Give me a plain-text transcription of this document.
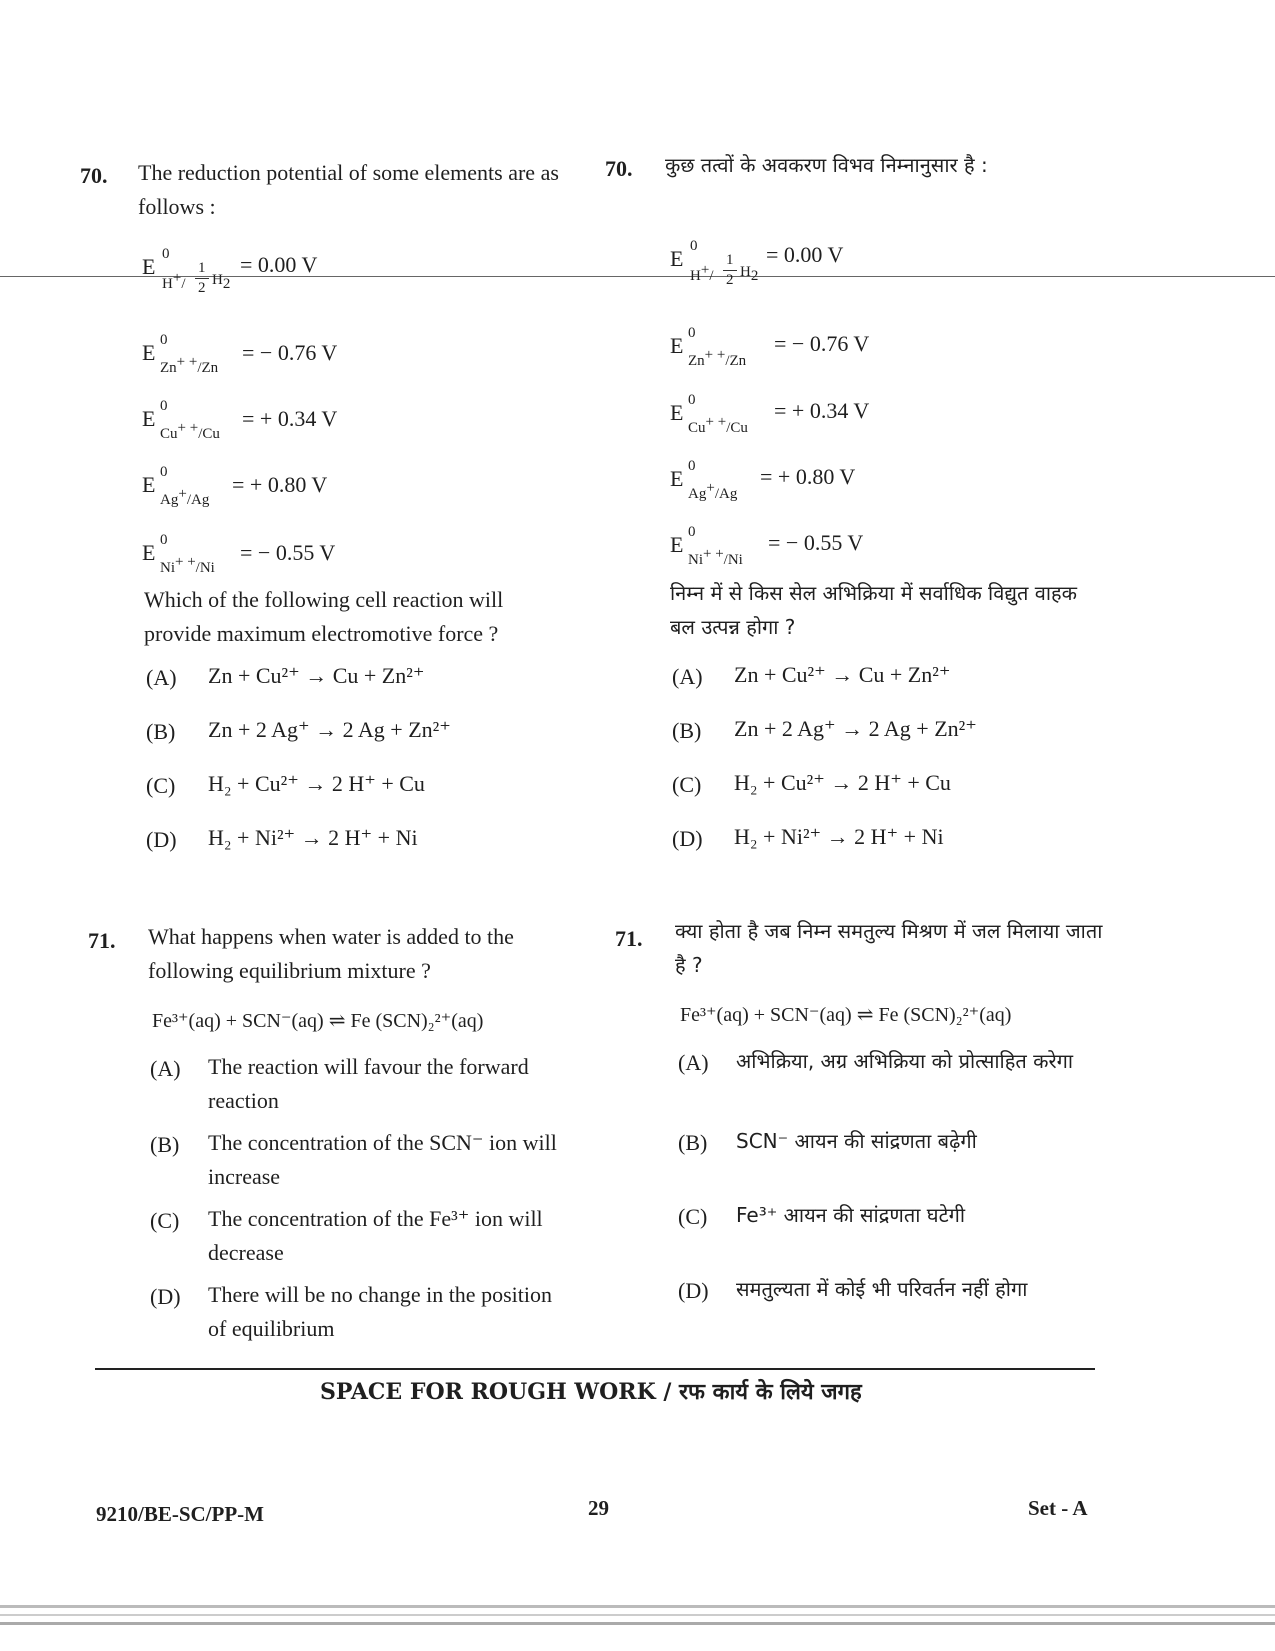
70. The reduction potential of some elements are as follows :
E 0
H+/
1
2 $H_2$
= 0.00 V
E 0
Zn+ +/Zn
= − 0.76 V
E 0
Cu+ +/Cu
= + 0.34 V
E 0
Ag+/Ag
= + 0.80 V
E 0
Ni+ +/Ni
= − 0.55 V
Which of the following cell reaction will provide maximum electromotive force ?
(A) Zn + Cu²⁺ → Cu + Zn²⁺
(B) Zn + 2 Ag⁺ → 2 Ag + Zn²⁺
(C) H₂ + Cu²⁺ → 2 H⁺ + Cu
(D) H₂ + Ni²⁺ → 2 H⁺ + Ni
71. What happens when water is added to the following equilibrium mixture ?
Fe³⁺(aq) + SCN⁻(aq) ⇌ Fe (SCN)₂²⁺(aq)
(A) The reaction will favour the forward reaction
(B) The concentration of the SCN⁻ ion will increase
(C) The concentration of the Fe³⁺ ion will decrease
(D) There will be no change in the position of equilibrium
70. कुछ तत्वों के अवकरण विभव निम्नानुसार है :
E 0
H+/
1
2 $H_2$
= 0.00 V
E 0
Zn+ +/Zn
= − 0.76 V
E 0
Cu+ +/Cu
= + 0.34 V
E 0
Ag+/Ag
= + 0.80 V
E 0
Ni+ +/Ni
= − 0.55 V
निम्न में से किस सेल अभिक्रिया में सर्वाधिक विद्युत वाहक बल उत्पन्न होगा ?
(A) Zn + Cu²⁺ → Cu + Zn²⁺
(B) Zn + 2 Ag⁺ → 2 Ag + Zn²⁺
(C) H₂ + Cu²⁺ → 2 H⁺ + Cu
(D) H₂ + Ni²⁺ → 2 H⁺ + Ni
71. क्या होता है जब निम्न समतुल्य मिश्रण में जल मिलाया जाता है ?
Fe³⁺(aq) + SCN⁻(aq) ⇌ Fe (SCN)₂²⁺(aq)
(A) अभिक्रिया, अग्र अभिक्रिया को प्रोत्साहित करेगा
(B) SCN⁻ आयन की सांद्रणता बढ़ेगी
(C) Fe³⁺ आयन की सांद्रणता घटेगी
(D) समतुल्यता में कोई भी परिवर्तन नहीं होगा
SPACE FOR ROUGH WORK / रफ कार्य के लिये जगह
9210/BE-SC/PP-M	29	Set - A
